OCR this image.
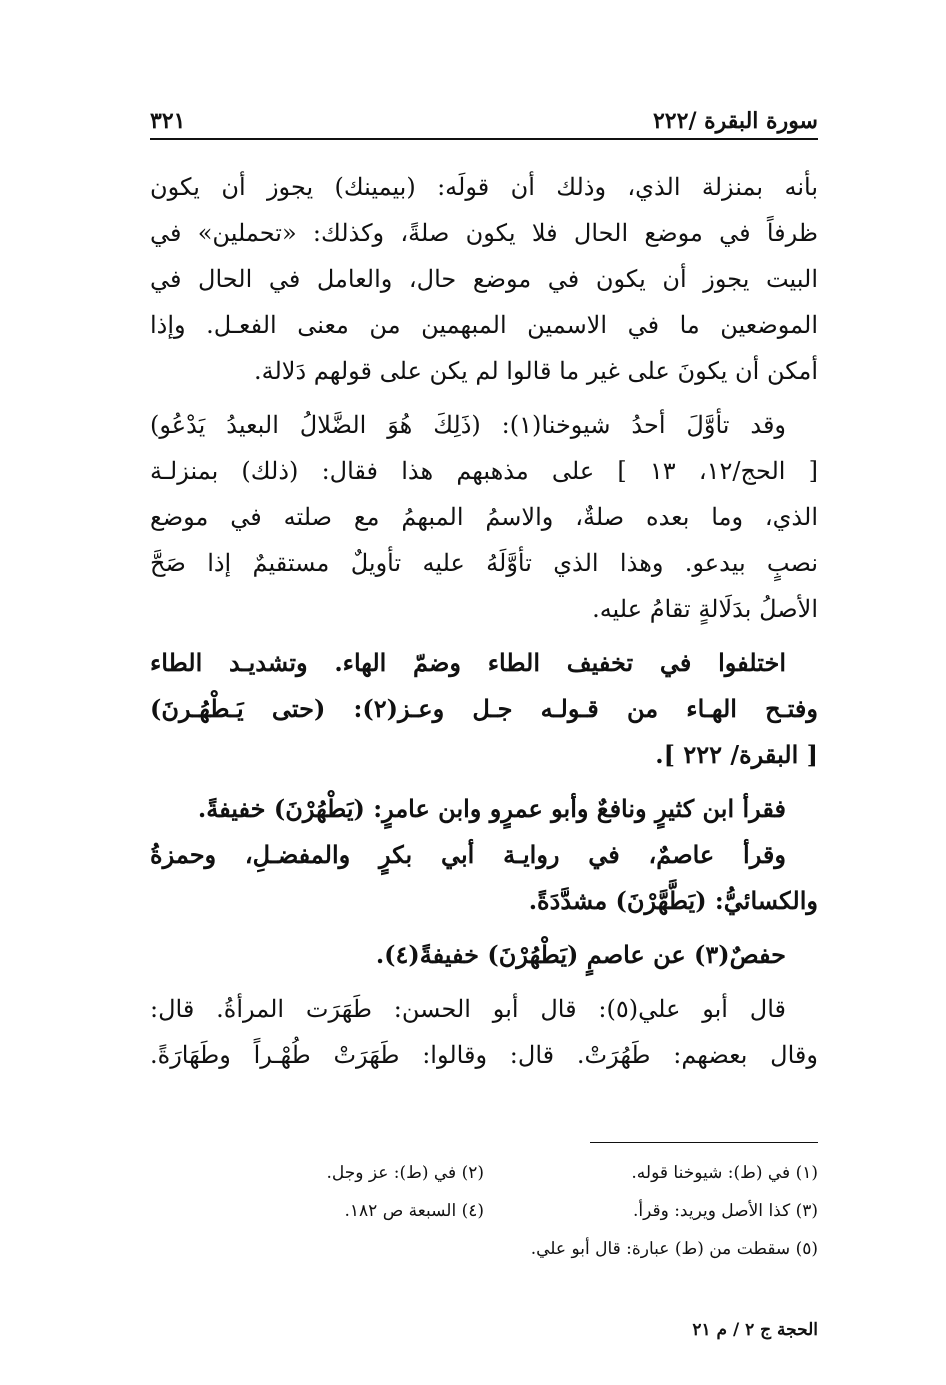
سورة البقرة /٢٢٢
٣٢١
بأنه بمنزلة الذي، وذلك أن قولَه: (بيمينك) يجوز أن يكون
ظرفاً في موضع الحال فلا يكون صلةً، وكذلك: «تحملين» في
البيت يجوز أن يكون في موضع حال، والعامل في الحال في
الموضعين ما في الاسمين المبهمين من معنى الفعـل. وإذا
أمكن أن يكونَ على غير ما قالوا لم يكن على قولهم دَلالة.
وقد تأوَّلَ أحدُ شيوخنا(١): (ذَلِكَ هُوَ الضَّلالُ البعيدُ يَدْعُو)
[ الحج/١٢، ١٣ ] على مذهبهم هذا فقال: (ذلك) بمنزلـة
الذي، وما بعده صلةٌ، والاسمُ المبهمُ مع صلته في موضع
نصبٍ بيدعو. وهذا الذي تأوَّلَهُ عليه تأويلٌ مستقيمٌ إذا صَحَّ
الأصلُ بدَلَالةٍ تقامُ عليه.
اختلفوا في تخفيف الطاء وضمّ الهاء. وتشديـد الطاء
وفتـح الهـاء من قـولـه جـل وعـز(٢): (حتى يَـطْهُـرنَ)
[ البقرة/ ٢٢٢ ].
فقرأ ابن كثيرٍ ونافعٌ وأبو عمرٍو وابن عامرٍ: (يَطْهُرْنَ) خفيفةً.
وقرأ عاصمٌ، في روايـة أبي بكرٍ والمفضـلِ، وحمزةُ
والكسائيُّ: (يَطَّهَّرْنَ) مشدَّدَةً.
حفصٌ(٣) عن عاصمٍ (يَطْهُرْنَ) خفيفةً(٤).
قال أبو علي(٥): قال أبو الحسن: طَهَرَت المرأةُ. قال:
وقال بعضهم: طَهُرَتْ. قال: وقالوا: طَهَرَتْ طُهْـراً وطَهَارَةً.
(١) في (ط): شيوخنا قوله.
(٢) في (ط): عز وجل.
(٣) كذا الأصل ويريد: وقرأ.
(٤) السبعة ص ١٨٢.
(٥) سقطت من (ط) عبارة: قال أبو علي.
الحجة ج ٢ / م ٢١
